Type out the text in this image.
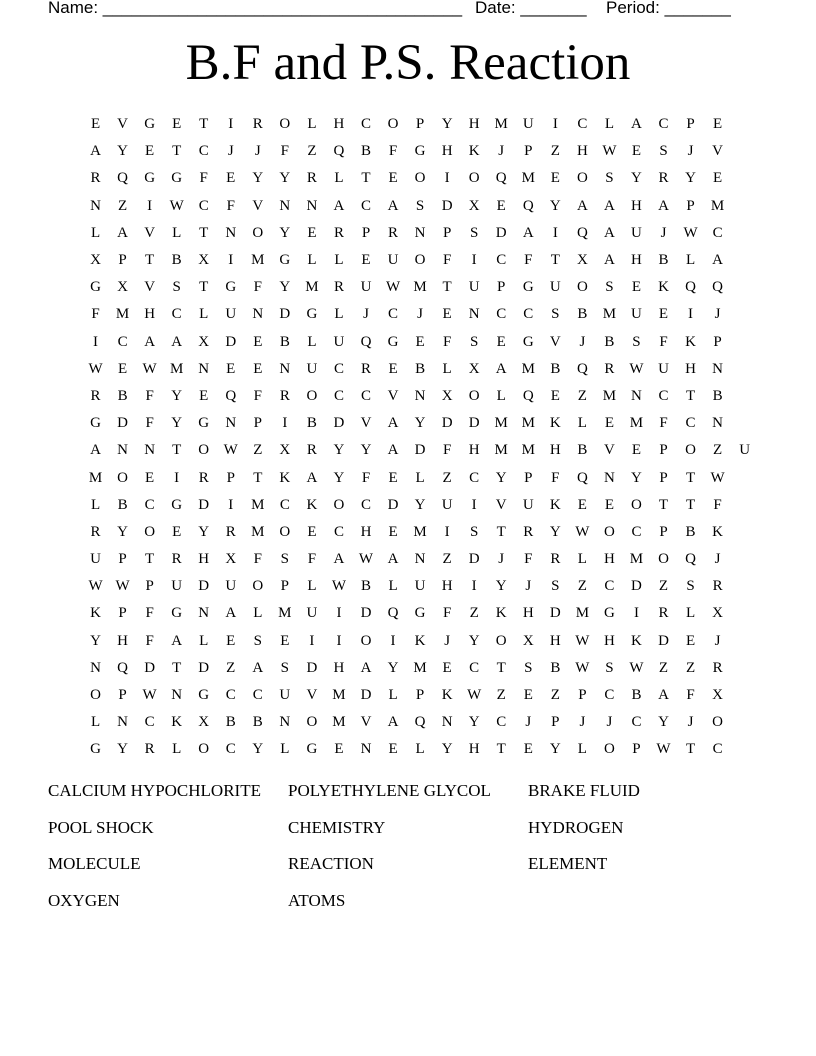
Name: ______________________________________ Date: _______ Period: _______
B.F and P.S. Reaction
E	V	G	E	T	I	R	O	L	H	C	O	P	Y	H M U	I	C	L	A	C	P	E
A	Y	E	T	C	J	J	F	Z	Q	B	F	G	H	K	J	P	Z	H W	E	S	J	V
R	Q	G	G	F	E	Y	Y	R	L	T	E	O	I	O	Q M	E	O	S	Y	R	Y	E
N	Z	I	W C	F	V	N	N	A	C	A	S	D	X	E	Q	Y	A	A	H	A	P	M
L	A	V	L	T	N	O	Y	E	R	P	R	N	P	S	D	A	I	Q	A	U	J	W C
X	P	T	B	X	I	M G	L	L	E	U	O	F	I	C	F	T	X	A	H	B	L	A
G	X	V	S	T	G	F	Y M	R	U W M	T	U	P	G	U	O	S	E	K	Q	Q
F	M H	C	L	U	N	D	G	L	J	C	J	E	N	C	C	S	B	M U	E	I	J
I	C	A	A	X	D	E	B	L	U	Q	G	E	F	S	E	G	V	J	B	S	F	K	P
W	E	W M N	E	E	N	U	C	R	E	B	L	X	A M	B	Q	R W U	H	N
R	B	F	Y	E	Q	F	R	O	C	C	V	N	X	O	L	Q	E	Z	M N	C	T	B
G	D	F	Y	G	N	P	I	B	D	V	A	Y	D	D M M K	L	E	M	F	C	N
A	N	N	T	O W	Z	X	R	Y	Y	A	D	F	H M M H	B	V	E	P	O	Z	U
M O	E	I	R	P	T	K	A	Y	F	E	L	Z	C	Y	P	F	Q	N	Y	P	T	W
L	B	C	G	D	I	M	C	K	O	C	D	Y	U	I	V	U	K	E	E	O	T	T	F
R	Y	O	E	Y	R	M O	E	C	H	E	M	I	S	T	R	Y W O	C	P	B	K
U	P	T	R	H	X	F	S	F	A W A	N	Z	D	J	F	R	L	H M O	Q	J
W W	P	U	D	U	O	P	L	W B	L	U	H	I	Y	J	S	Z	C	D	Z	S	R
K	P	F	G	N	A	L	M U	I	D	Q	G	F	Z	K	H	D M G	I	R	L	X
Y	H	F	A	L	E	S	E	I	I	O	I	K	J	Y	O	X	H W H	K	D	E	J
N	Q	D	T	D	Z	A	S	D	H	A	Y M	E	C	T	S	B W	S	W	Z	Z	R
O	P	W N	G	C	C	U	V M D	L	P	K W	Z	E	Z	P	C	B	A	F	X
L	N	C	K	X	B	B	N	O M V	A	Q	N	Y	C	J	P	J	J	C	Y	J	O
G	Y	R	L	O	C	Y	L	G	E	N	E	L	Y	H	T	E	Y	L	O	P	W	T	C
CALCIUM HYPOCHLORITE	POLYETHYLENE GLYCOL	BRAKE FLUID
POOL SHOCK	CHEMISTRY	HYDROGEN
MOLECULE	REACTION	ELEMENT
OXYGEN	ATOMS
